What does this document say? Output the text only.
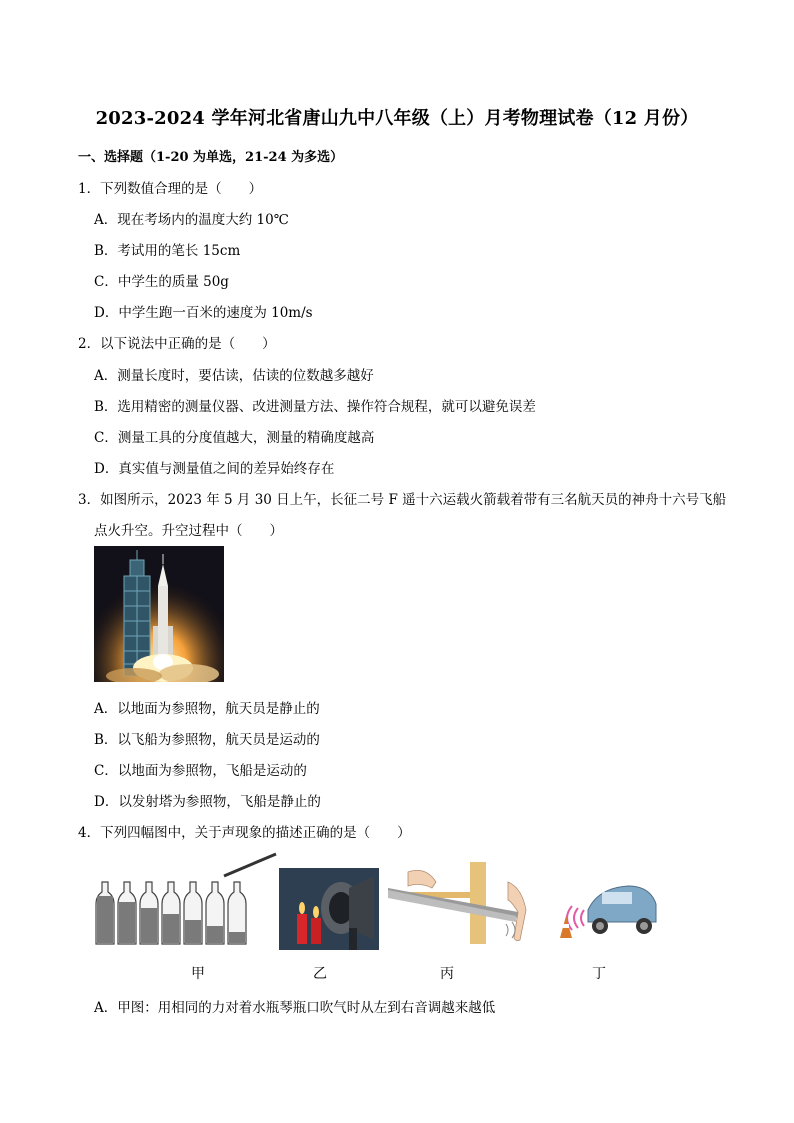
2023-2024 学年河北省唐山九中八年级（上）月考物理试卷（12 月份）
一、选择题（1-20 为单选，21-24 为多选）
1．下列数值合理的是（　　）
A．现在考场内的温度大约 10℃
B．考试用的笔长 15cm
C．中学生的质量 50g
D．中学生跑一百米的速度为 10m/s
2．以下说法中正确的是（　　）
A．测量长度时，要估读，估读的位数越多越好
B．选用精密的测量仪器、改进测量方法、操作符合规程，就可以避免误差
C．测量工具的分度值越大，测量的精确度越高
D．真实值与测量值之间的差异始终存在
3．如图所示，2023 年 5 月 30 日上午，长征二号 F 遥十六运载火箭载着带有三名航天员的神舟十六号飞船
点火升空。升空过程中（　　）
A．以地面为参照物，航天员是静止的
B．以飞船为参照物，航天员是运动的
C．以地面为参照物，飞船是运动的
D．以发射塔为参照物，飞船是静止的
4．下列四幅图中，关于声现象的描述正确的是（　　）
甲	乙	丙	丁
A．甲图：用相同的力对着水瓶琴瓶口吹气时从左到右音调越来越低
